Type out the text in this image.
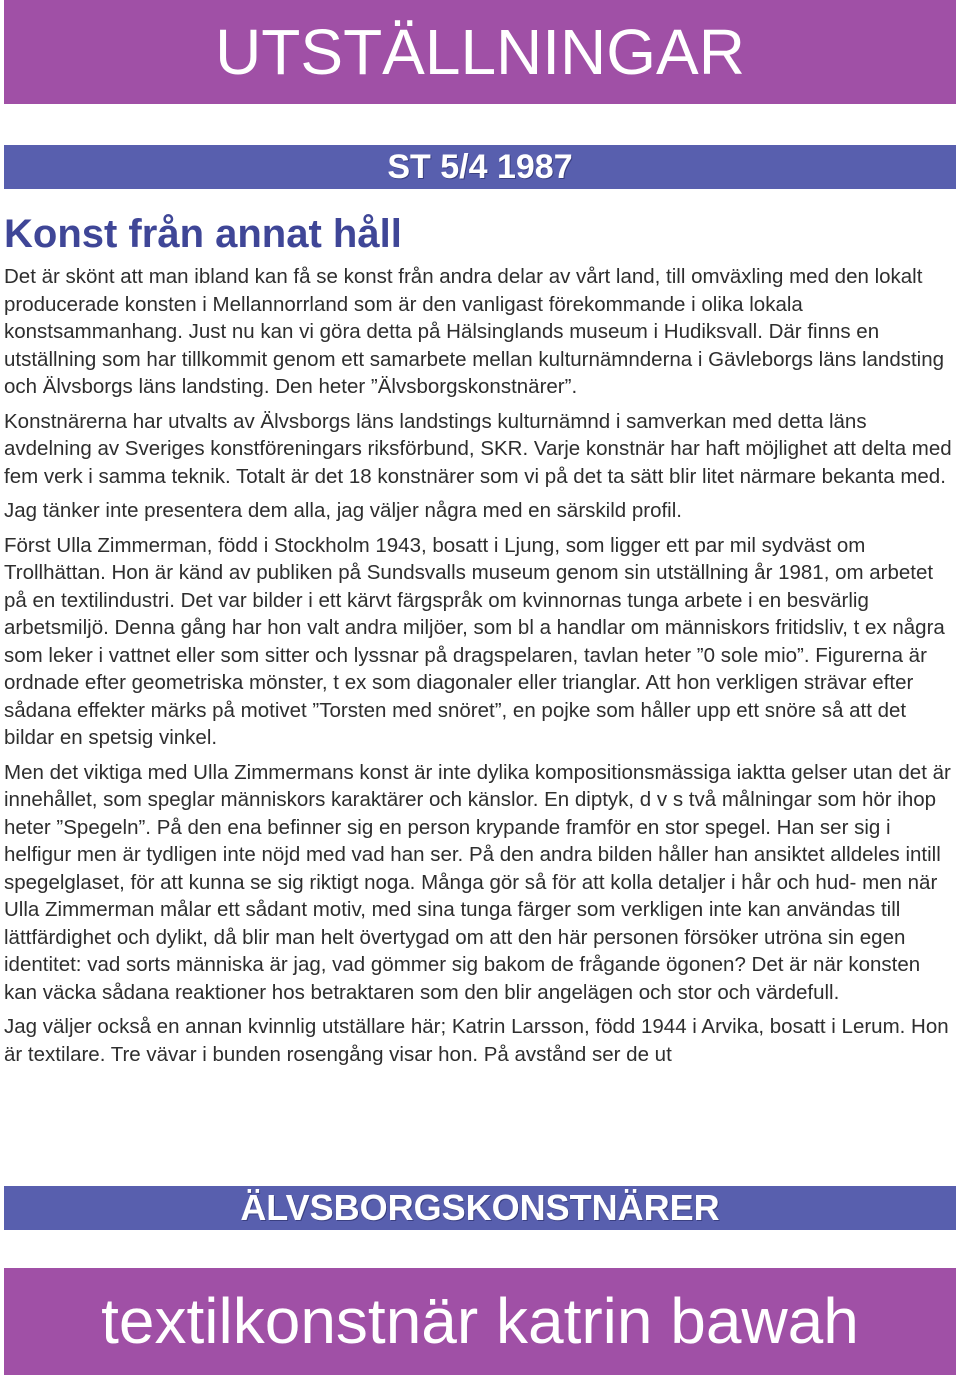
UTSTÄLLNINGAR
ST 5/4 1987
Konst från annat håll

Det är skönt att man ibland kan få se konst från andra delar av vårt land, till omväxling med den lokalt producerade konsten i Mellannorrland som är den vanligast förekommande i olika lokala konstsammanhang. Just nu kan vi göra detta på Hälsinglands museum i Hudiksvall. Där finns en utställning som har tillkommit genom ett samarbete mellan kulturnämnderna i Gävleborgs läns landsting och Älvsborgs läns landsting. Den heter ”Älvsborgskonstnärer”.

Konstnärerna har utvalts av Älvsborgs läns landstings kulturnämnd i samverkan med detta läns avdelning av Sveriges konstföreningars riksförbund, SKR. Varje konstnär har haft möjlighet att delta med fem verk i samma teknik. Totalt är det 18 konstnärer som vi på det ta sätt blir litet närmare bekanta med.

Jag tänker inte presentera dem alla, jag väljer några med en särskild profil.

Först Ulla Zimmerman, född i Stockholm 1943, bosatt i Ljung, som ligger ett par mil sydväst om Trollhättan. Hon är känd av publiken på Sundsvalls museum genom sin utställning år 1981, om arbetet på en textilindustri. Det var bilder i ett kärvt färgspråk om kvinnornas tunga arbete i en besvärlig arbetsmiljö. Denna gång har hon valt andra miljöer, som bl a handlar om människors fritidsliv, t ex några som leker i vattnet eller som sitter och lyssnar på dragspelaren, tavlan heter ”0 sole mio”. Figurerna är ordnade efter geometriska mönster, t ex som diagonaler eller trianglar. Att hon verkligen strävar efter sådana effekter märks på motivet ”Torsten med snöret”, en pojke som håller upp ett snöre så att det bildar en spetsig vinkel.

Men det viktiga med Ulla Zimmermans konst är inte dylika kompositionsmässiga iaktta gelser utan det är innehållet, som speglar människors karaktärer och känslor. En diptyk, d v s två målningar som hör ihop heter ”Spegeln”. På den ena befinner sig en person krypande framför en stor spegel. Han ser sig i helfigur men är tydligen inte nöjd med vad han ser. På den andra bilden håller han ansiktet alldeles intill spegelglaset, för att kunna se sig riktigt noga. Många gör så för att kolla detaljer i hår och hud- men när Ulla Zimmerman målar ett sådant motiv, med sina tunga färger som verkligen inte kan användas till lättfärdighet och dylikt, då blir man helt övertygad om att den här personen försöker utröna sin egen identitet: vad sorts människa är jag, vad gömmer sig bakom de frågande ögonen? Det är när konsten kan väcka sådana reaktioner hos betraktaren som den blir angelägen och stor och värdefull.

Jag väljer också en annan kvinnlig utställare här; Katrin Larsson, född 1944 i Arvika, bosatt i Lerum. Hon är textilare. Tre vävar i bunden rosengång visar hon. På avstånd ser de ut

ÄLVSBORGSKONSTNÄRER
textilkonstnär katrin bawah
